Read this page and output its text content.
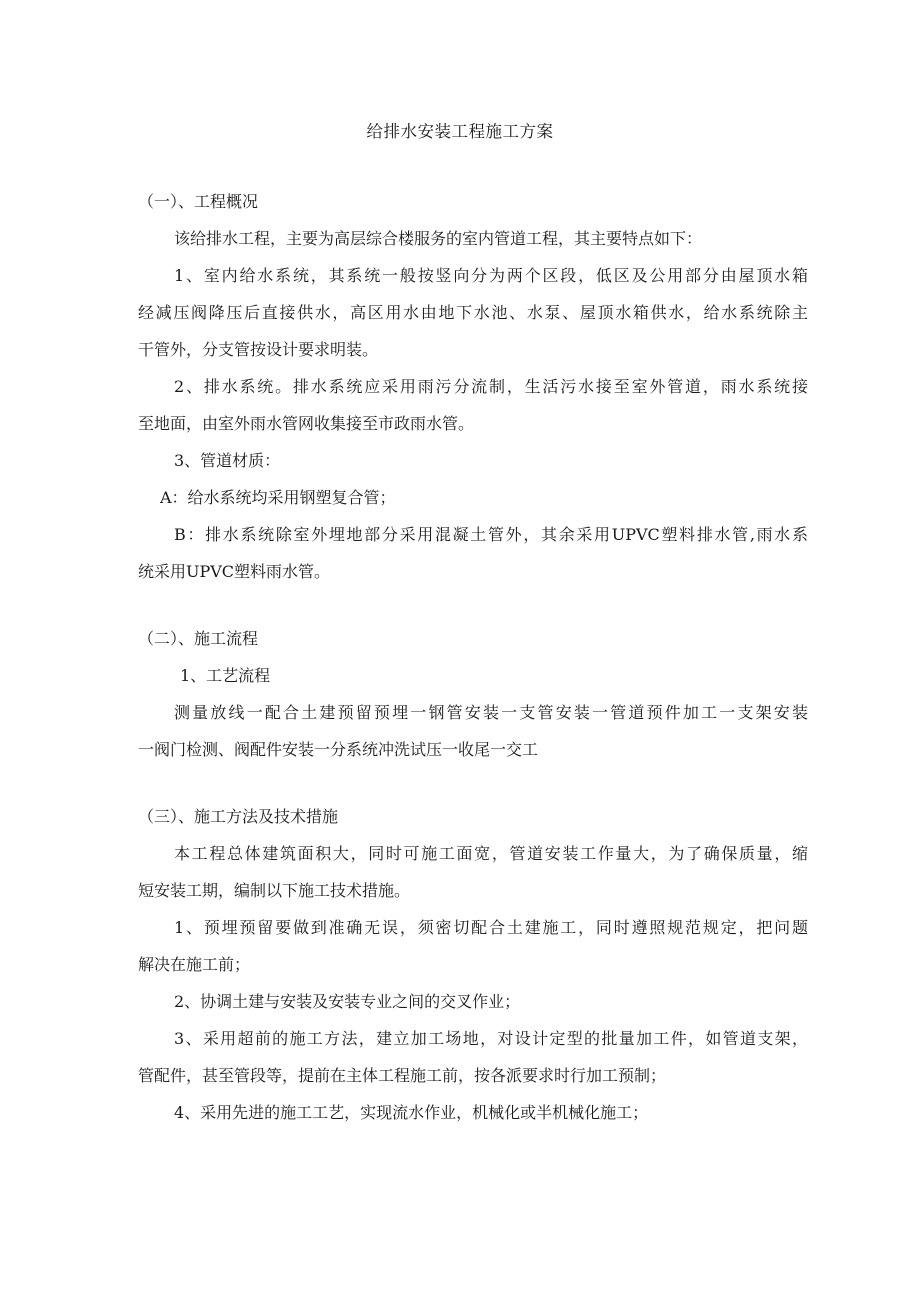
给排水安装工程施工方案
（一）、工程概况
该给排水工程，主要为高层综合楼服务的室内管道工程，其主要特点如下：
1、室内给水系统，其系统一般按竖向分为两个区段，低区及公用部分由屋顶水箱
经减压阀降压后直接供水，高区用水由地下水池、水泵、屋顶水箱供水，给水系统除主
干管外，分支管按设计要求明装。
2、排水系统。排水系统应采用雨污分流制，生活污水接至室外管道，雨水系统接
至地面，由室外雨水管网收集接至市政雨水管。
3、管道材质：
A：给水系统均采用钢塑复合管；
B：排水系统除室外埋地部分采用混凝土管外，其余采用UPVC塑料排水管,雨水系
统采用UPVC塑料雨水管。
（二）、施工流程
1、工艺流程
测量放线一配合土建预留预埋一钢管安装一支管安装一管道预件加工一支架安装
一阀门检测、阀配件安装一分系统冲洗试压一收尾一交工
（三）、施工方法及技术措施
本工程总体建筑面积大，同时可施工面宽，管道安装工作量大，为了确保质量，缩
短安装工期，编制以下施工技术措施。
1、预埋预留要做到准确无误，须密切配合土建施工，同时遵照规范规定，把问题
解决在施工前；
2、协调土建与安装及安装专业之间的交叉作业；
3、采用超前的施工方法，建立加工场地，对设计定型的批量加工件，如管道支架，
管配件，甚至管段等，提前在主体工程施工前，按各派要求时行加工预制；
4、采用先进的施工工艺，实现流水作业，机械化或半机械化施工；
